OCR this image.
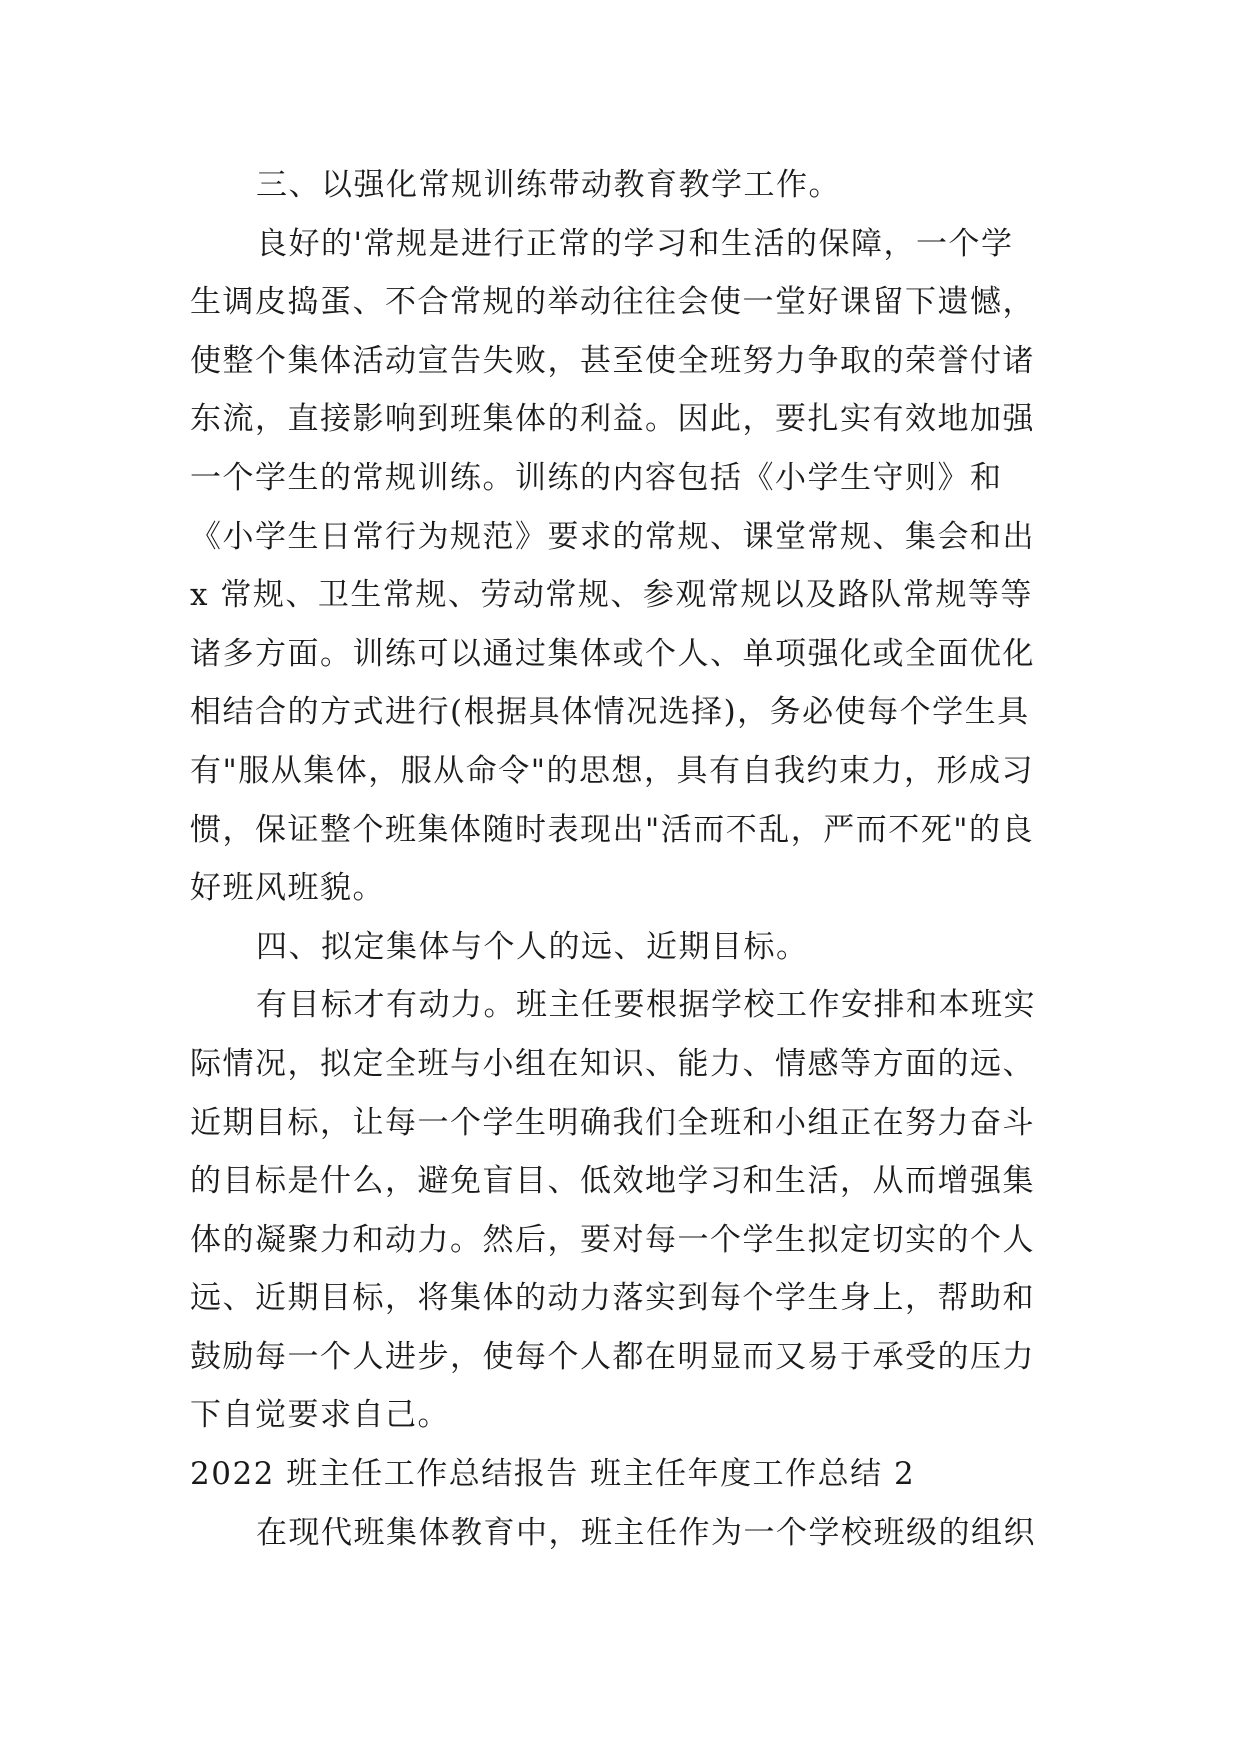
三、以强化常规训练带动教育教学工作。
良好的'常规是进行正常的学习和生活的保障，一个学
生调皮捣蛋、不合常规的举动往往会使一堂好课留下遗憾，
使整个集体活动宣告失败，甚至使全班努力争取的荣誉付诸
东流，直接影响到班集体的利益。因此，要扎实有效地加强
一个学生的常规训练。训练的内容包括《小学生守则》和
《小学生日常行为规范》要求的常规、课堂常规、集会和出
x 常规、卫生常规、劳动常规、参观常规以及路队常规等等
诸多方面。训练可以通过集体或个人、单项强化或全面优化
相结合的方式进行(根据具体情况选择)，务必使每个学生具
有"服从集体，服从命令"的思想，具有自我约束力，形成习
惯，保证整个班集体随时表现出"活而不乱，严而不死"的良
好班风班貌。
四、拟定集体与个人的远、近期目标。
有目标才有动力。班主任要根据学校工作安排和本班实
际情况，拟定全班与小组在知识、能力、情感等方面的远、
近期目标，让每一个学生明确我们全班和小组正在努力奋斗
的目标是什么，避免盲目、低效地学习和生活，从而增强集
体的凝聚力和动力。然后，要对每一个学生拟定切实的个人
远、近期目标，将集体的动力落实到每个学生身上，帮助和
鼓励每一个人进步，使每个人都在明显而又易于承受的压力
下自觉要求自己。
2022 班主任工作总结报告 班主任年度工作总结 2
在现代班集体教育中，班主任作为一个学校班级的组织
